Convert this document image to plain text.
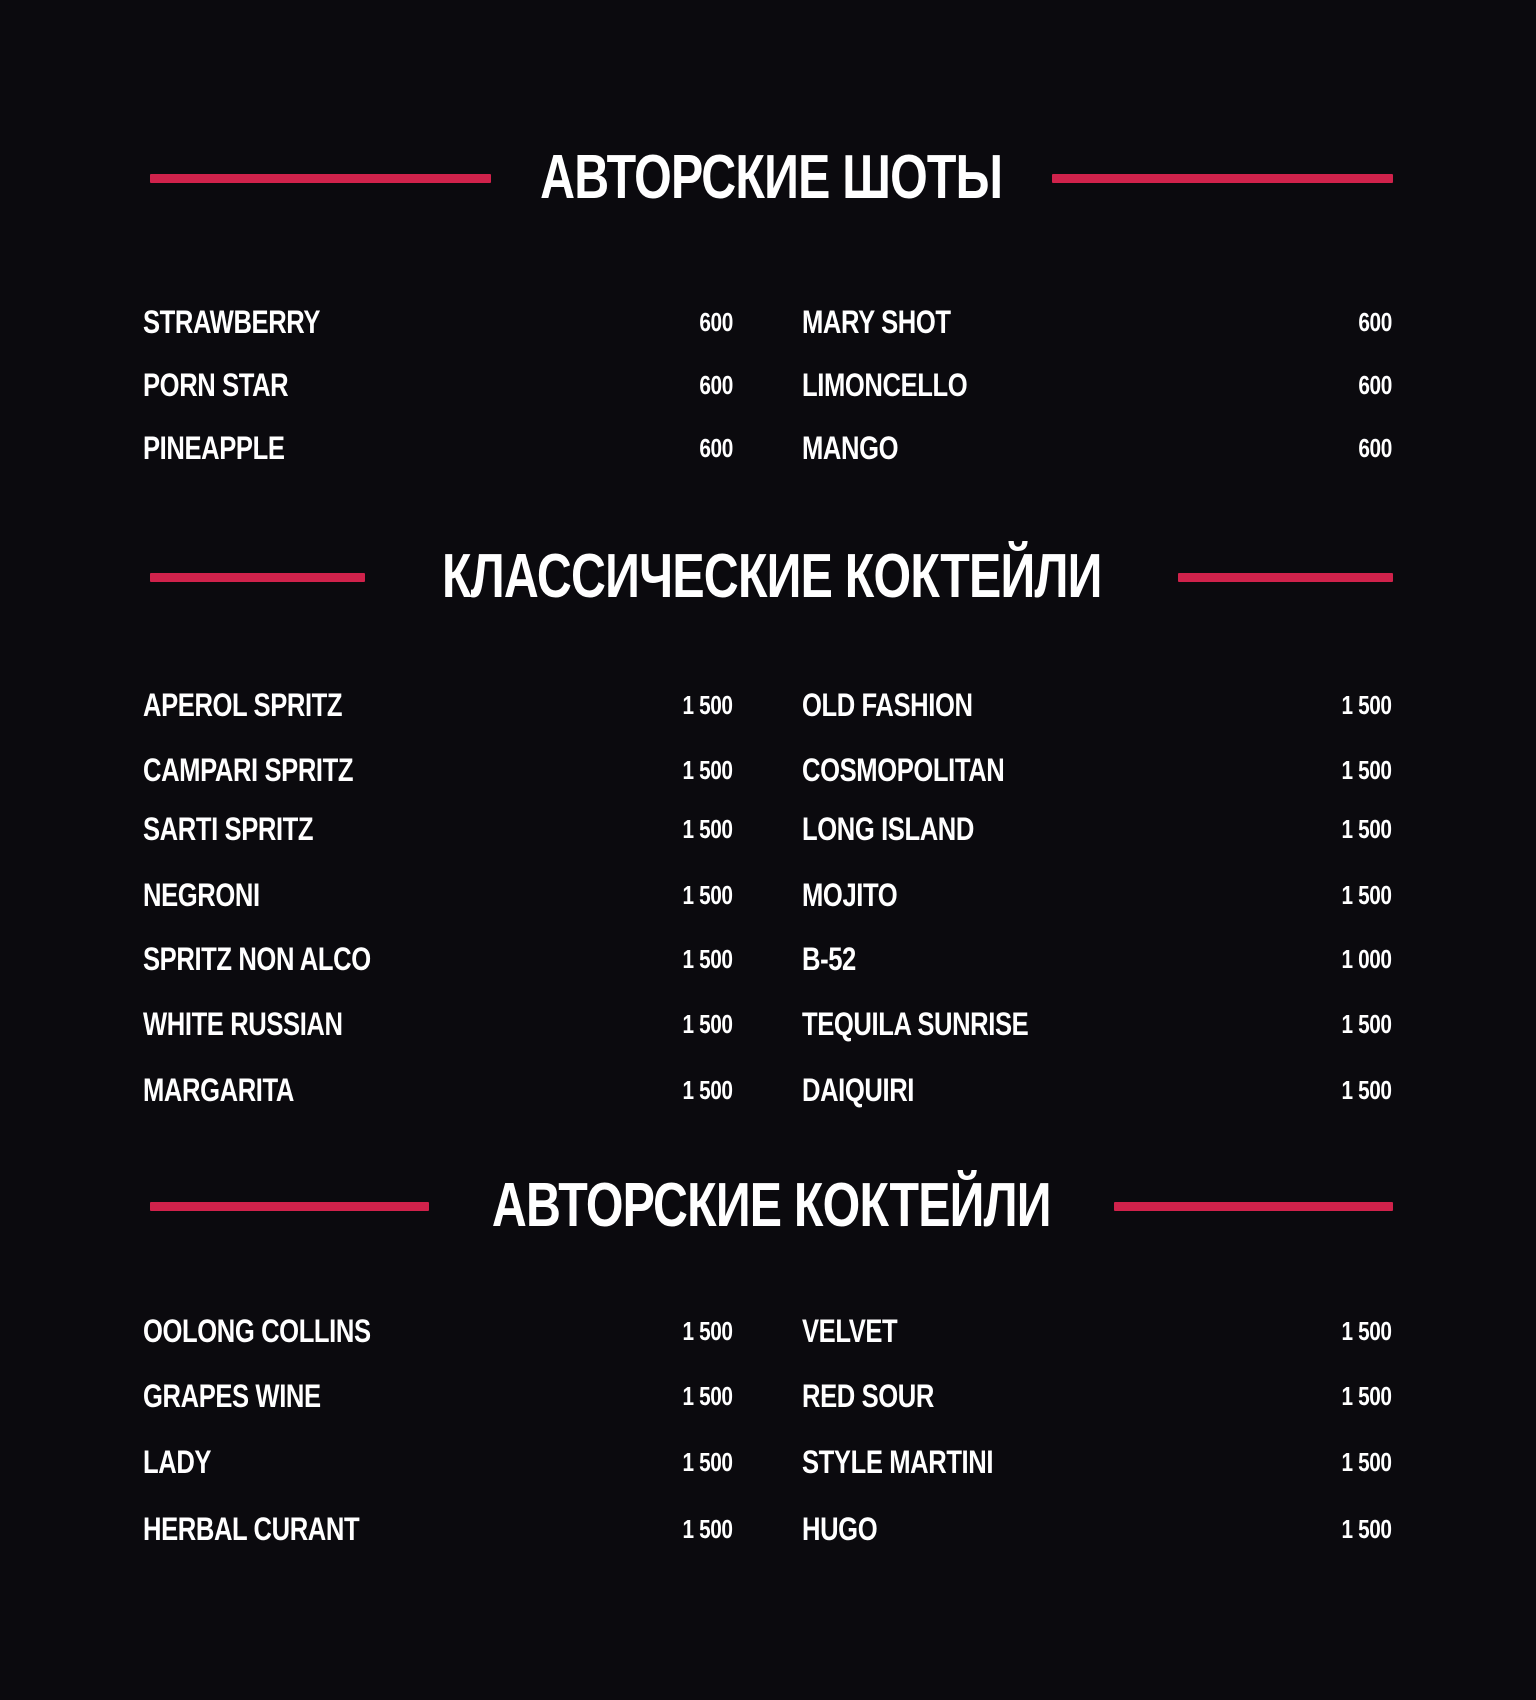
АВТОРСКИЕ ШОТЫ
STRAWBERRY	600
PORN STAR	600
PINEAPPLE	600
MARY SHOT	600
LIMONCELLO	600
MANGO	600
КЛАССИЧЕСКИЕ КОКТЕЙЛИ
APEROL SPRITZ	1 500
CAMPARI SPRITZ	1 500
SARTI SPRITZ	1 500
NEGRONI	1 500
SPRITZ NON ALCO	1 500
WHITE RUSSIAN	1 500
MARGARITA	1 500
OLD FASHION	1 500
COSMOPOLITAN	1 500
LONG ISLAND	1 500
MOJITO	1 500
B-52	1 000
TEQUILA SUNRISE	1 500
DAIQUIRI	1 500
АВТОРСКИЕ КОКТЕЙЛИ
OOLONG COLLINS	1 500
GRAPES WINE	1 500
LADY	1 500
HERBAL CURANT	1 500
VELVET	1 500
RED SOUR	1 500
STYLE MARTINI	1 500
HUGO	1 500
